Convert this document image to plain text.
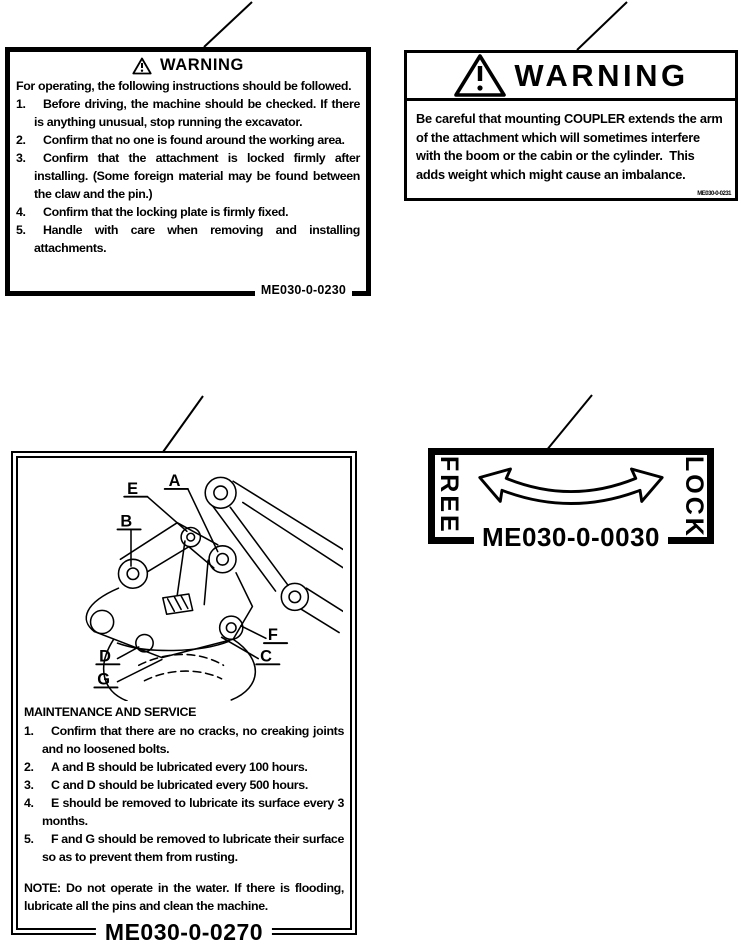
WARNING
For operating, the following instructions should be followed.
1. Before driving, the machine should be checked. If there is anything unusual, stop running the excavator.
2. Confirm that no one is found around the working area.
3. Confirm that the attachment is locked firmly after installing. (Some foreign material may be found between the claw and the pin.)
4. Confirm that the locking plate is firmly fixed.
5. Handle with care when removing and installing attachments.
ME030-0-0230
WARNING
Be careful that mounting COUPLER extends the arm of the attachment which will sometimes interfere with the boom or the cabin or the cylinder.  This adds weight which might cause an imbalance.
ME030-0-0231
E A
B
F
C
D
G
MAINTENANCE AND SERVICE
1. Confirm that there are no cracks, no creaking joints and no loosened bolts.
2. A and B should be lubricated every 100 hours.
3. C and D should be lubricated every 500 hours.
4. E should be removed to lubricate its surface every 3 months.
5. F and G should be removed to lubricate their surface so as to prevent them from rusting.
NOTE: Do not operate in the water. If there is flooding, lubricate all the pins and clean the machine.
ME030-0-0270
FREE	LOCK
ME030-0-0030
